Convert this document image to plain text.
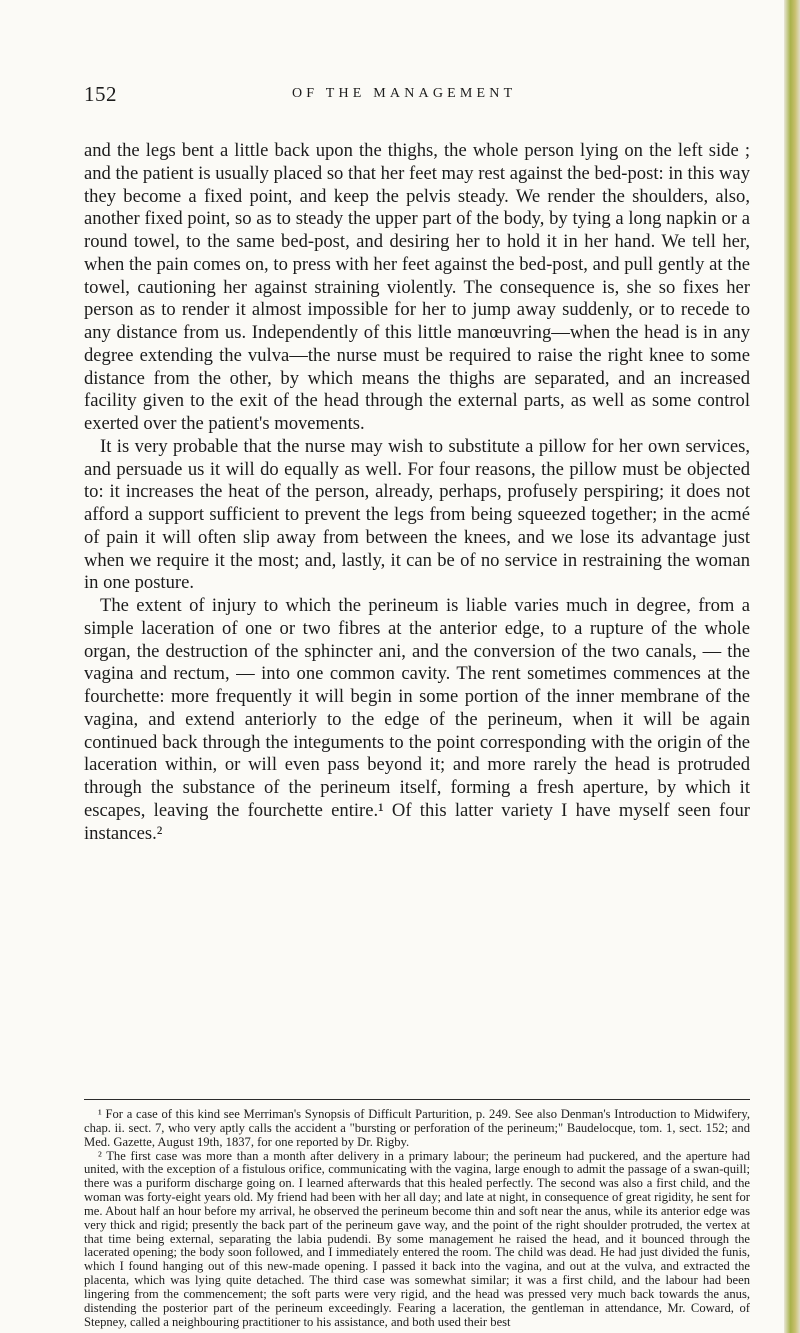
152	OF THE MANAGEMENT

and the legs bent a little back upon the thighs, the whole person lying on the left side ; and the patient is usually placed so that her feet may rest against the bed-post: in this way they become a fixed point, and keep the pelvis steady. We render the shoulders, also, another fixed point, so as to steady the upper part of the body, by tying a long napkin or a round towel, to the same bed-post, and desiring her to hold it in her hand. We tell her, when the pain comes on, to press with her feet against the bed-post, and pull gently at the towel, cautioning her against straining violently. The consequence is, she so fixes her person as to render it almost impossible for her to jump away suddenly, or to recede to any distance from us. Independently of this little manœuvring—when the head is in any degree extending the vulva—the nurse must be required to raise the right knee to some distance from the other, by which means the thighs are separated, and an increased facility given to the exit of the head through the external parts, as well as some control exerted over the patient's movements.

It is very probable that the nurse may wish to substitute a pillow for her own services, and persuade us it will do equally as well. For four reasons, the pillow must be objected to: it increases the heat of the person, already, perhaps, profusely perspiring; it does not afford a support sufficient to prevent the legs from being squeezed together; in the acmé of pain it will often slip away from between the knees, and we lose its advantage just when we require it the most; and, lastly, it can be of no service in restraining the woman in one posture.

The extent of injury to which the perineum is liable varies much in degree, from a simple laceration of one or two fibres at the anterior edge, to a rupture of the whole organ, the destruction of the sphincter ani, and the conversion of the two canals, — the vagina and rectum, — into one common cavity. The rent sometimes commences at the fourchette: more frequently it will begin in some portion of the inner membrane of the vagina, and extend anteriorly to the edge of the perineum, when it will be again continued back through the integuments to the point corresponding with the origin of the laceration within, or will even pass beyond it; and more rarely the head is protruded through the substance of the perineum itself, forming a fresh aperture, by which it escapes, leaving the fourchette entire.¹ Of this latter variety I have myself seen four instances.²

¹ For a case of this kind see Merriman's Synopsis of Difficult Parturition, p. 249. See also Denman's Introduction to Midwifery, chap. ii. sect. 7, who very aptly calls the accident a "bursting or perforation of the perineum;" Baudelocque, tom. 1, sect. 152; and Med. Gazette, August 19th, 1837, for one reported by Dr. Rigby.

² The first case was more than a month after delivery in a primary labour; the perineum had puckered, and the aperture had united, with the exception of a fistulous orifice, communicating with the vagina, large enough to admit the passage of a swan-quill; there was a puriform discharge going on. I learned afterwards that this healed perfectly. The second was also a first child, and the woman was forty-eight years old. My friend had been with her all day; and late at night, in consequence of great rigidity, he sent for me. About half an hour before my arrival, he observed the perineum become thin and soft near the anus, while its anterior edge was very thick and rigid; presently the back part of the perineum gave way, and the point of the right shoulder protruded, the vertex at that time being external, separating the labia pudendi. By some management he raised the head, and it bounced through the lacerated opening; the body soon followed, and I immediately entered the room. The child was dead. He had just divided the funis, which I found hanging out of this new-made opening. I passed it back into the vagina, and out at the vulva, and extracted the placenta, which was lying quite detached. The third case was somewhat similar; it was a first child, and the labour had been lingering from the commencement; the soft parts were very rigid, and the head was pressed very much back towards the anus, distending the posterior part of the perineum exceedingly. Fearing a laceration, the gentleman in attendance, Mr. Coward, of Stepney, called a neighbouring practitioner to his assistance, and both used their best
